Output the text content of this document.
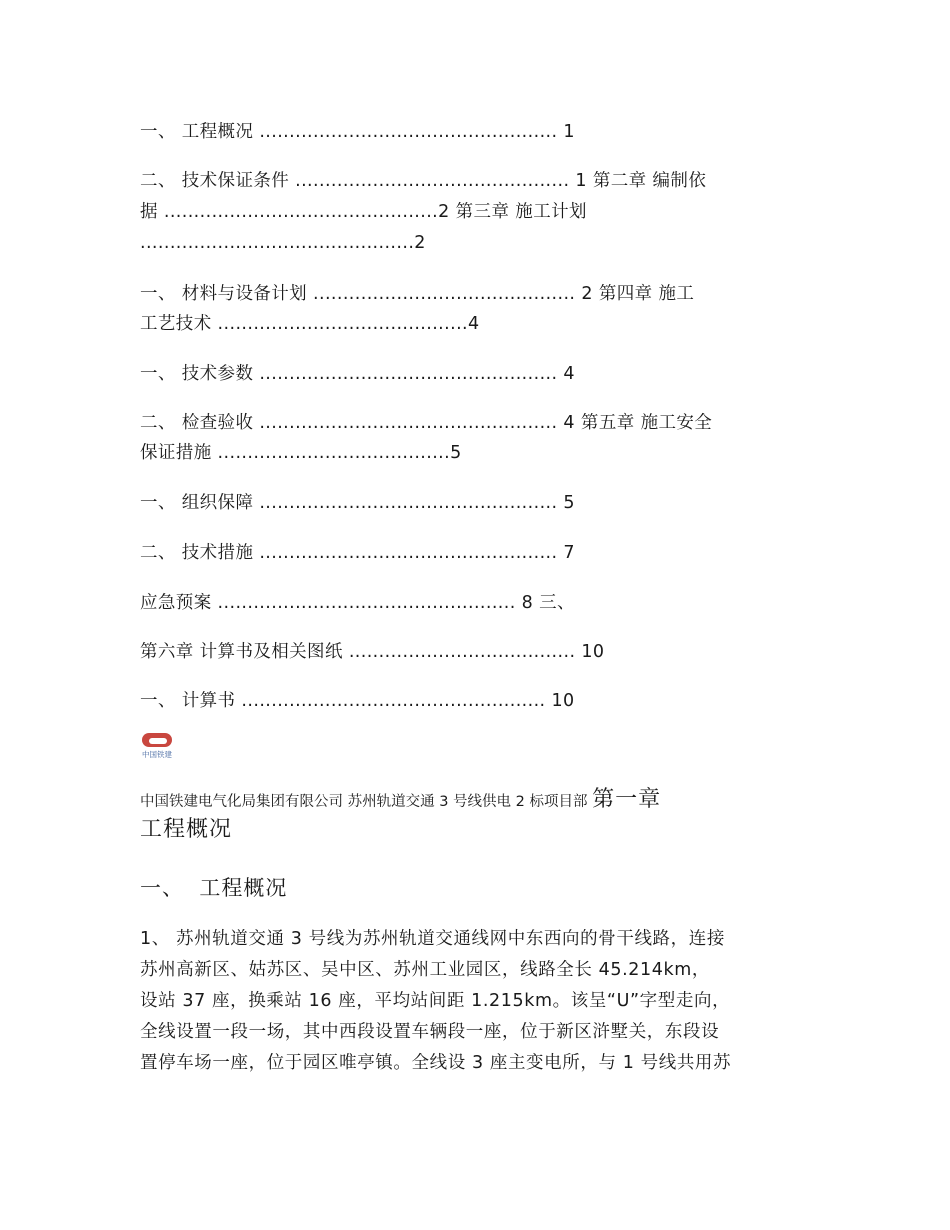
一、 工程概况 .................................................. 1
二、 技术保证条件 .............................................. 1 第二章 编制依
据 ..............................................2 第三章 施工计划
..............................................2
一、 材料与设备计划 ............................................ 2 第四章 施工
工艺技术 ..........................................4
一、 技术参数 .................................................. 4
二、 检查验收 .................................................. 4 第五章 施工安全
保证措施 .......................................5
一、 组织保障 .................................................. 5
二、 技术措施 .................................................. 7
应急预案 .................................................. 8 三、
第六章 计算书及相关图纸 ...................................... 10
一、 计算书 ................................................... 10
中国铁建
中国铁建电气化局集团有限公司 苏州轨道交通 3 号线供电 2 标项目部 第一章
工程概况
一、  工程概况
1、 苏州轨道交通 3 号线为苏州轨道交通线网中东西向的骨干线路，连接
苏州高新区、姑苏区、吴中区、苏州工业园区，线路全长 45.214km，
设站 37 座，换乘站 16 座，平均站间距 1.215km。该呈“U”字型走向，
全线设置一段一场，其中西段设置车辆段一座，位于新区浒墅关，东段设
置停车场一座，位于园区唯亭镇。全线设 3 座主变电所，与 1 号线共用苏
